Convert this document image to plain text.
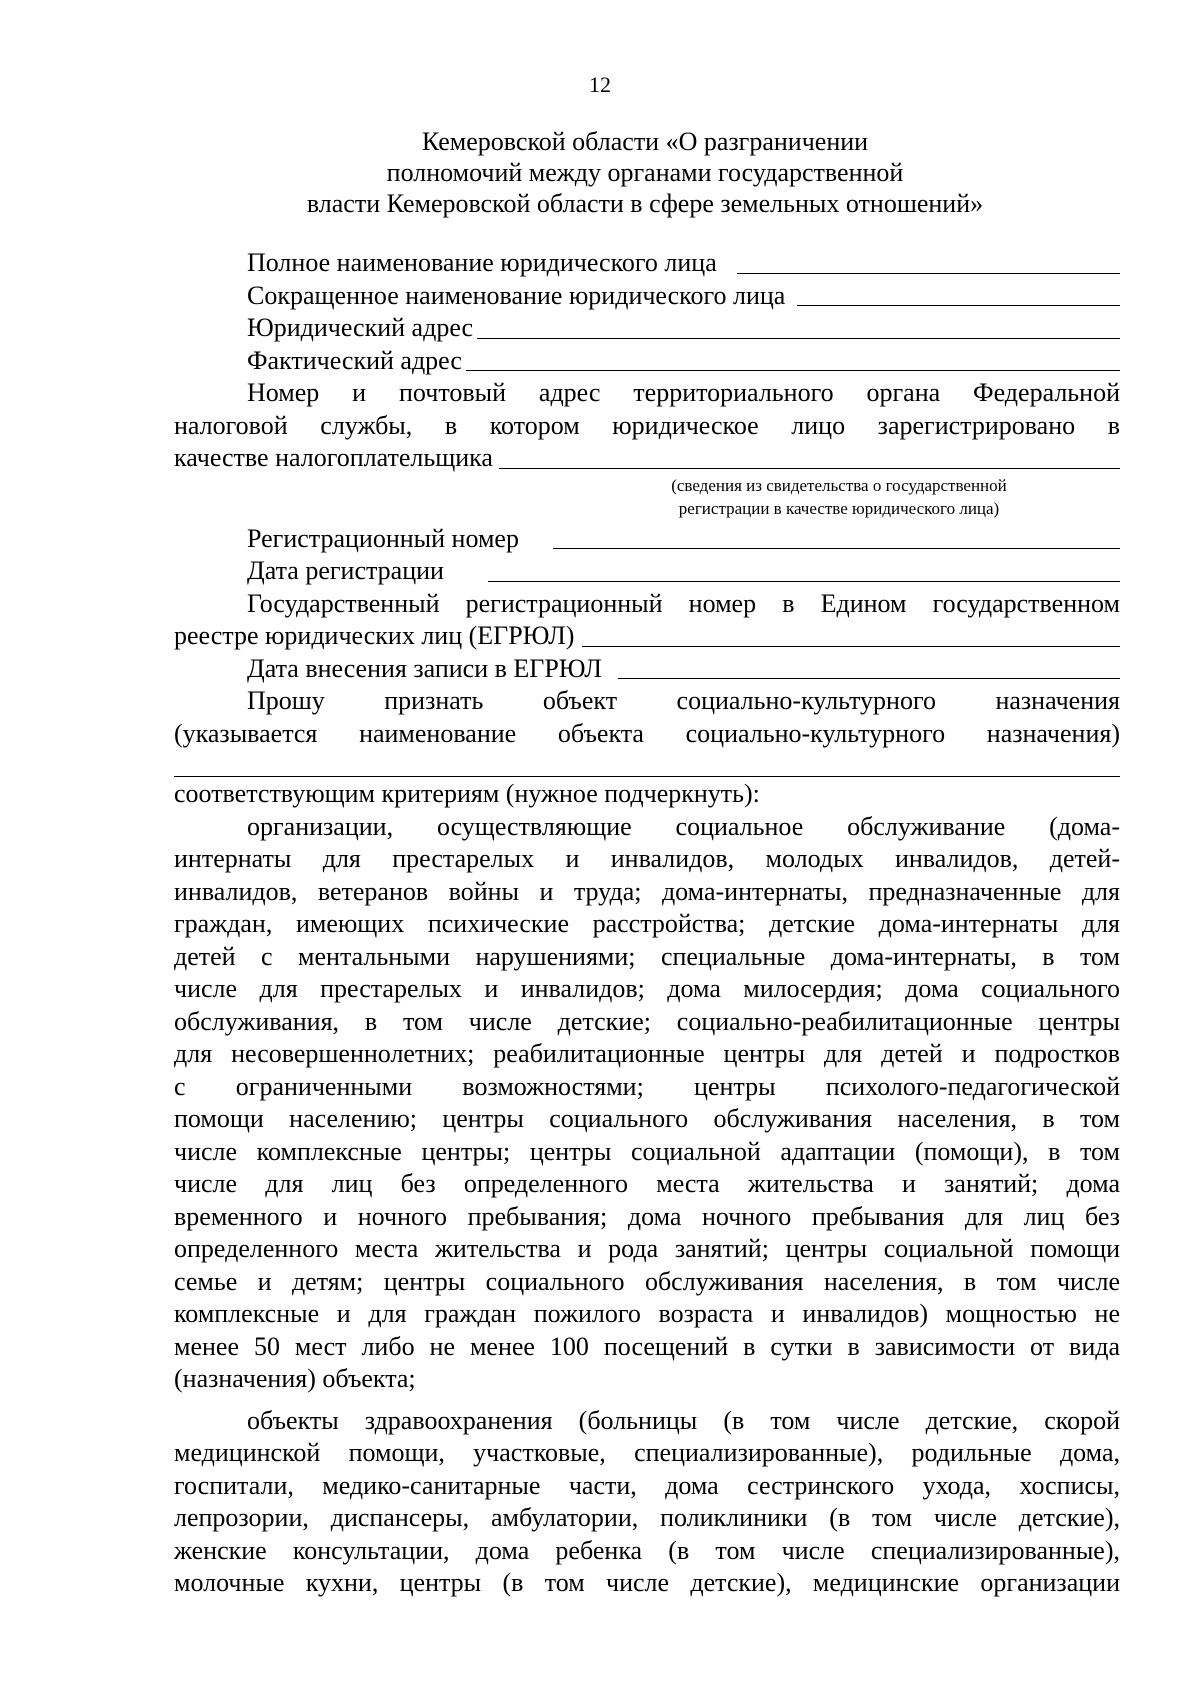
12
Кемеровской области «О разграничении
полномочий между органами государственной
власти Кемеровской области в сфере земельных отношений»
Полное наименование юридического лица
Сокращенное наименование юридического лица
Юридический адрес
Фактический адрес
Номер и почтовый адрес территориального органа Федеральной
налоговой службы, в котором юридическое лицо зарегистрировано в
качестве налогоплательщика
(сведения из свидетельства о государственной
регистрации в качестве юридического лица)
Регистрационный номер
Дата регистрации
Государственный регистрационный номер в Едином государственном
реестре юридических лиц (ЕГРЮЛ)
Дата внесения записи в ЕГРЮЛ
Прошу признать объект социально-культурного назначения
(указывается наименование объекта социально-культурного назначения)
соответствующим критериям (нужное подчеркнуть):
организации, осуществляющие социальное обслуживание (дома-
интернаты для престарелых и инвалидов, молодых инвалидов, детей-
инвалидов, ветеранов войны и труда; дома-интернаты, предназначенные для
граждан, имеющих психические расстройства; детские дома-интернаты для
детей с ментальными нарушениями; специальные дома-интернаты, в том
числе для престарелых и инвалидов; дома милосердия; дома социального
обслуживания, в том числе детские; социально-реабилитационные центры
для несовершеннолетних; реабилитационные центры для детей и подростков
с ограниченными возможностями; центры психолого-педагогической
помощи населению; центры социального обслуживания населения, в том
числе комплексные центры; центры социальной адаптации (помощи), в том
числе для лиц без определенного места жительства и занятий; дома
временного и ночного пребывания; дома ночного пребывания для лиц без
определенного места жительства и рода занятий; центры социальной помощи
семье и детям; центры социального обслуживания населения, в том числе
комплексные и для граждан пожилого возраста и инвалидов) мощностью не
менее 50 мест либо не менее 100 посещений в сутки в зависимости от вида
(назначения) объекта;
объекты здравоохранения (больницы (в том числе детские, скорой
медицинской помощи, участковые, специализированные), родильные дома,
госпитали, медико-санитарные части, дома сестринского ухода, хосписы,
лепрозории, диспансеры, амбулатории, поликлиники (в том числе детские),
женские консультации, дома ребенка (в том числе специализированные),
молочные кухни, центры (в том числе детские), медицинские организации
